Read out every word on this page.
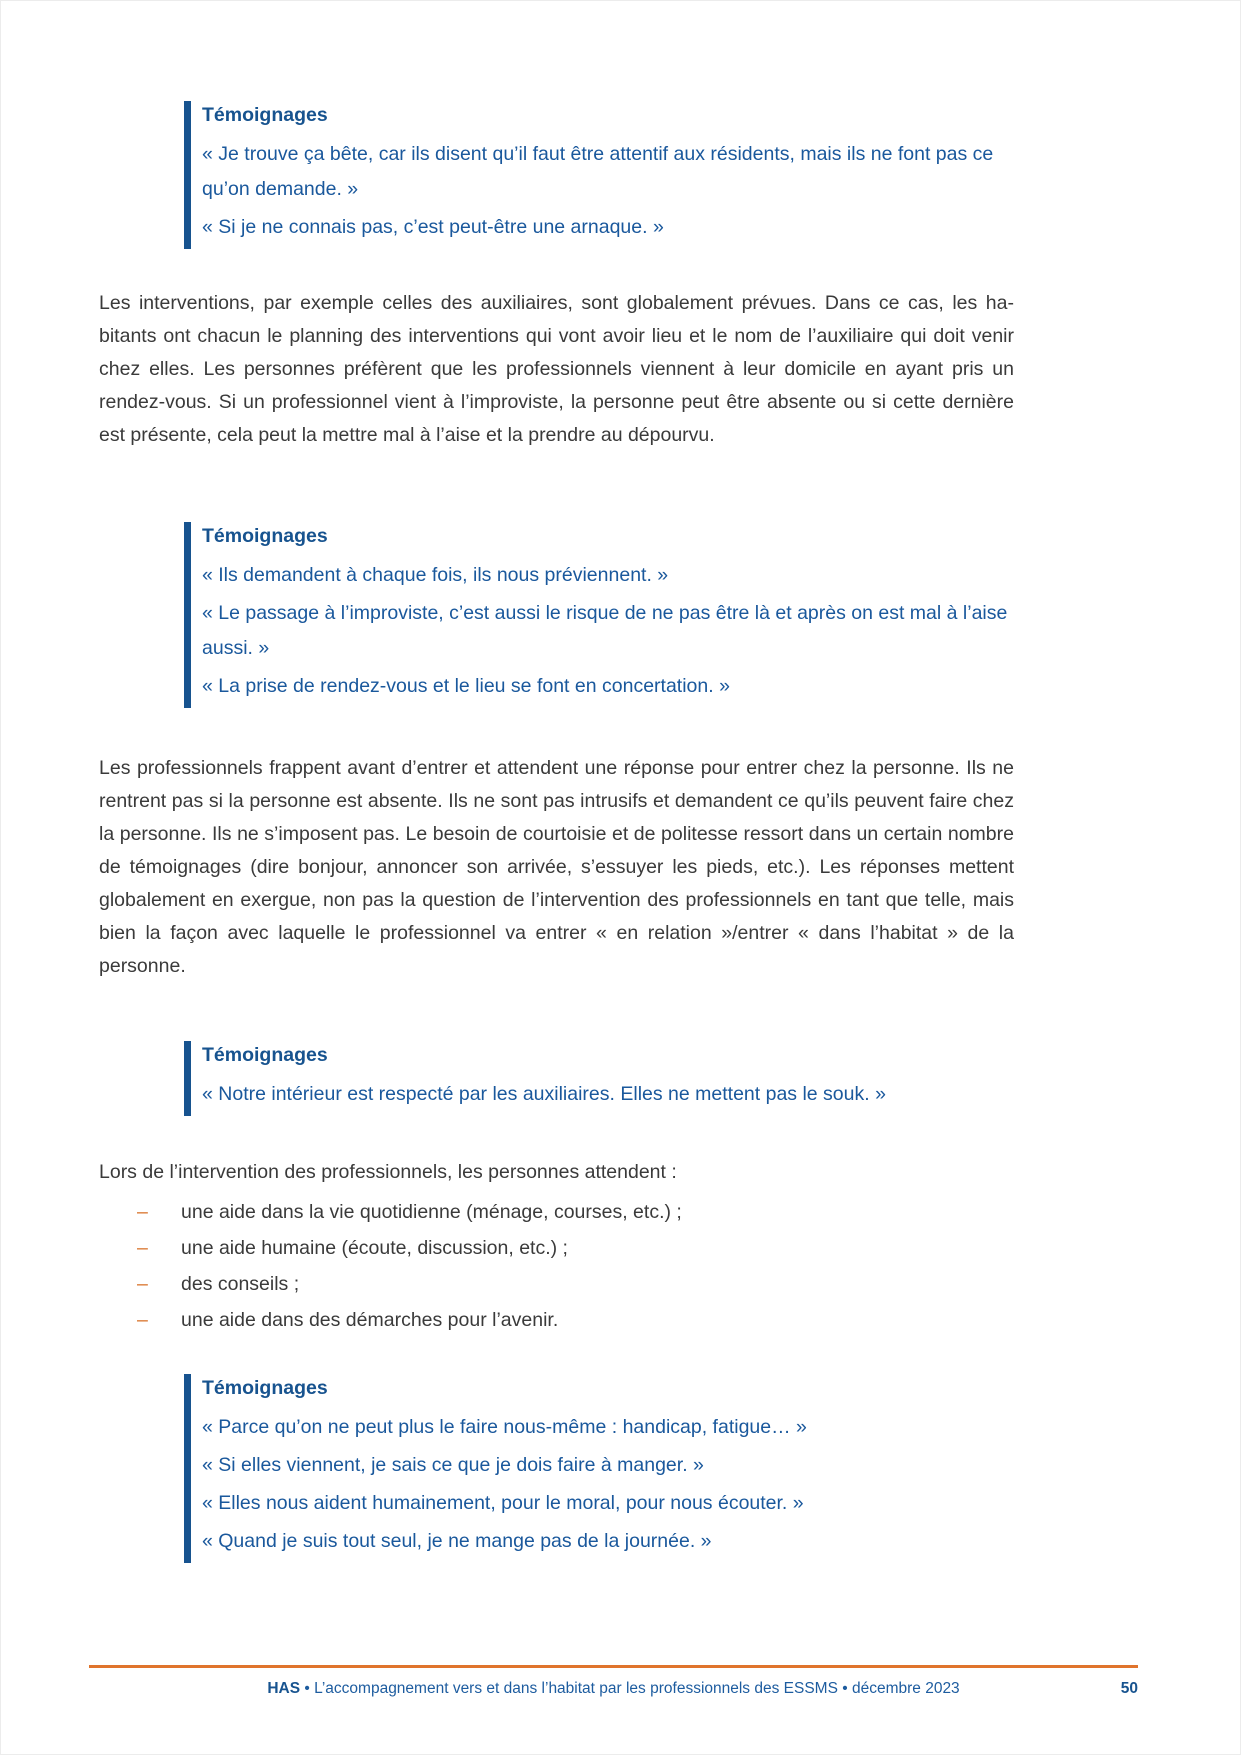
Témoignages

« Je trouve ça bête, car ils disent qu’il faut être attentif aux résidents, mais ils ne font pas ce qu’on demande. »

« Si je ne connais pas, c’est peut-être une arnaque. »

Les interventions, par exemple celles des auxiliaires, sont globalement prévues. Dans ce cas, les habitants ont chacun le planning des interventions qui vont avoir lieu et le nom de l’auxiliaire qui doit venir chez elles. Les personnes préfèrent que les professionnels viennent à leur domicile en ayant pris un rendez-vous. Si un professionnel vient à l’improviste, la personne peut être absente ou si cette dernière est présente, cela peut la mettre mal à l’aise et la prendre au dépourvu.

Témoignages

« Ils demandent à chaque fois, ils nous préviennent. »

« Le passage à l’improviste, c’est aussi le risque de ne pas être là et après on est mal à l’aise aussi. »

« La prise de rendez-vous et le lieu se font en concertation. »

Les professionnels frappent avant d’entrer et attendent une réponse pour entrer chez la personne. Ils ne rentrent pas si la personne est absente. Ils ne sont pas intrusifs et demandent ce qu’ils peuvent faire chez la personne. Ils ne s’imposent pas. Le besoin de courtoisie et de politesse ressort dans un certain nombre de témoignages (dire bonjour, annoncer son arrivée, s’essuyer les pieds, etc.). Les réponses mettent globalement en exergue, non pas la question de l’intervention des professionnels en tant que telle, mais bien la façon avec laquelle le professionnel va entrer « en relation »/entrer « dans l’habitat » de la personne.

Témoignages

« Notre intérieur est respecté par les auxiliaires. Elles ne mettent pas le souk. »

Lors de l’intervention des professionnels, les personnes attendent :

–	une aide dans la vie quotidienne (ménage, courses, etc.) ;
–	une aide humaine (écoute, discussion, etc.) ;
–	des conseils ;
–	une aide dans des démarches pour l’avenir.
Témoignages

« Parce qu’on ne peut plus le faire nous-même : handicap, fatigue… »

« Si elles viennent, je sais ce que je dois faire à manger. »

« Elles nous aident humainement, pour le moral, pour nous écouter. »

« Quand je suis tout seul, je ne mange pas de la journée. »

HAS • L’accompagnement vers et dans l’habitat par les professionnels des ESSMS • décembre 2023	50
